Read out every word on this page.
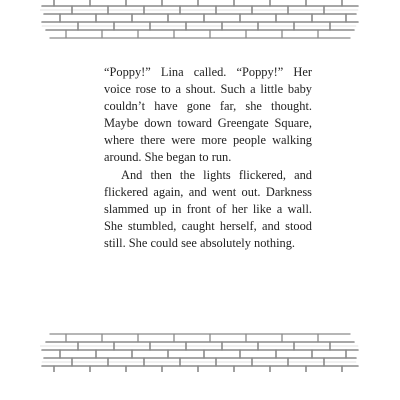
“Poppy!” Lina called. “Poppy!” Her voice rose to a shout. Such a little baby couldn’t have gone far, she thought. Maybe down toward Greengate Square, where there were more people walking around. She began to run.

And then the lights flickered, and flickered again, and went out. Darkness slammed up in front of her like a wall. She stumbled, caught herself, and stood still. She could see absolutely nothing.
